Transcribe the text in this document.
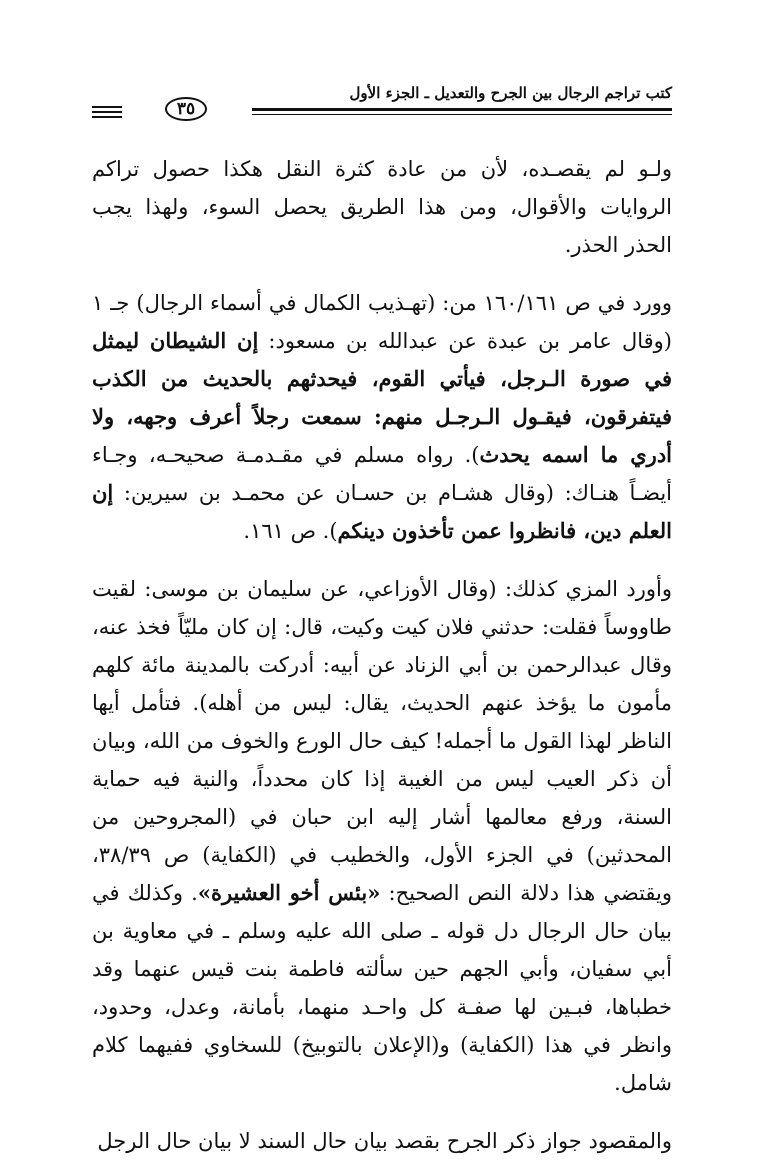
كتب تراجم الرجال بين الجرح والتعديل ـ الجزء الأول
٣٥

ولـو لم يقصـده، لأن من عادة كثرة النقل هكذا حصول تراكم الروايات والأقوال، ومن هذا الطريق يحصل السوء، ولهذا يجب الحذر الحذر.

وورد في ص ١٦٠/١٦١ من: (تهـذيب الكمال في أسماء الرجال) جـ ١ (وقال عامر بن عبدة عن عبدالله بن مسعود: إن الشيطان ليمثل في صورة الـرجل، فيأتي القوم، فيحدثهم بالحديث من الكذب فيتفرقون، فيقـول الـرجـل منهم: سمعت رجلاً أعرف وجهه، ولا أدري ما اسمه يحدث). رواه مسلم في مقـدمـة صحيحـه، وجـاء أيضـاً هنـاك: (وقال هشـام بن حسـان عن محمـد بن سيرين: إن العلم دين، فانظروا عمن تأخذون دينكم). ص ١٦١.

وأورد المزي كذلك: (وقال الأوزاعي، عن سليمان بن موسى: لقيت طاووساً فقلت: حدثني فلان كيت وكيت، قال: إن كان مليّاً فخذ عنه، وقال عبدالرحمن بن أبي الزناد عن أبيه: أدركت بالمدينة مائة كلهم مأمون ما يؤخذ عنهم الحديث، يقال: ليس من أهله). فتأمل أيها الناظر لهذا القول ما أجمله! كيف حال الورع والخوف من الله، وبيان أن ذكر العيب ليس من الغيبة إذا كان محدداً، والنية فيه حماية السنة، ورفع معالمها أشار إليه ابن حبان في (المجروحين من المحدثين) في الجزء الأول، والخطيب في (الكفاية) ص ٣٨/٣٩، ويقتضي هذا دلالة النص الصحيح: «بئس أخو العشيرة». وكذلك في بيان حال الرجال دل قوله ـ صلى الله عليه وسلم ـ في معاوية بن أبي سفيان، وأبي الجهم حين سألته فاطمة بنت قيس عنهما وقد خطباها، فبـين لها صفـة كل واحـد منهما، بأمانة، وعدل، وحدود، وانظر في هذا (الكفاية) و(الإعلان بالتوبيخ) للسخاوي ففيهما كلام شامل.

والمقصود جواز ذكر الجرح بقصد بيان حال السند لا بيان حال الرجل
